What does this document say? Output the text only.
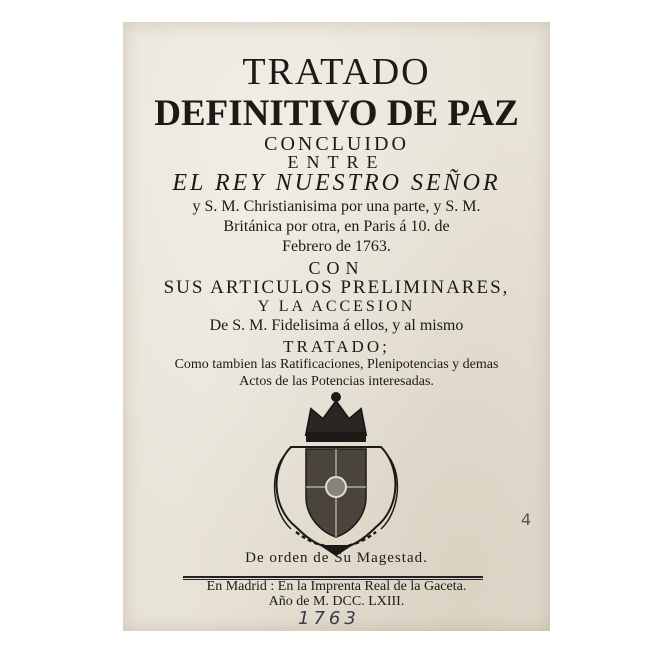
TRATADO
DEFINITIVO DE PAZ
CONCLUIDO
ENTRE
EL REY NUESTRO SEÑOR
y S. M. Christianisima por una parte, y S. M.
Británica por otra, en Paris á 10. de
Febrero de 1763.
CON
SUS ARTICULOS PRELIMINARES,
Y LA ACCESION
De S. M. Fidelisima á ellos, y al mismo
TRATADO;
Como tambien las Ratificaciones, Plenipotencias y demas
Actos de las Potencias interesadas.
De orden de Su Magestad.
En Madrid : En la Imprenta Real de la Gaceta.
Año de M. DCC. LXIII.
1763
4
